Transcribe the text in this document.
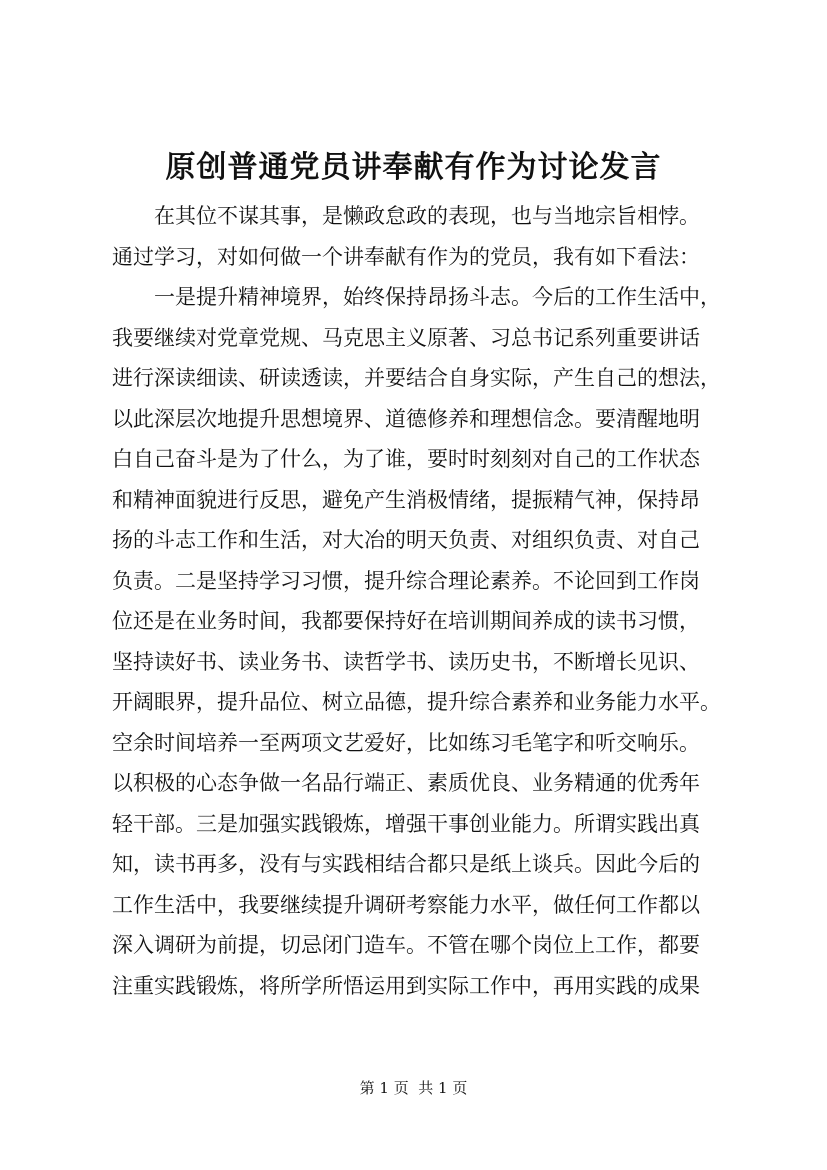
原创普通党员讲奉献有作为讨论发言
在其位不谋其事，是懒政怠政的表现，也与当地宗旨相悖。
通过学习，对如何做一个讲奉献有作为的党员，我有如下看法：
一是提升精神境界，始终保持昂扬斗志。今后的工作生活中，
我要继续对党章党规、马克思主义原著、习总书记系列重要讲话
进行深读细读、研读透读，并要结合自身实际，产生自己的想法，
以此深层次地提升思想境界、道德修养和理想信念。要清醒地明
白自己奋斗是为了什么，为了谁，要时时刻刻对自己的工作状态
和精神面貌进行反思，避免产生消极情绪，提振精气神，保持昂
扬的斗志工作和生活，对大冶的明天负责、对组织负责、对自己
负责。二是坚持学习习惯，提升综合理论素养。不论回到工作岗
位还是在业务时间，我都要保持好在培训期间养成的读书习惯，
坚持读好书、读业务书、读哲学书、读历史书，不断增长见识、
开阔眼界，提升品位、树立品德，提升综合素养和业务能力水平。
空余时间培养一至两项文艺爱好，比如练习毛笔字和听交响乐。
以积极的心态争做一名品行端正、素质优良、业务精通的优秀年
轻干部。三是加强实践锻炼，增强干事创业能力。所谓实践出真
知，读书再多，没有与实践相结合都只是纸上谈兵。因此今后的
工作生活中，我要继续提升调研考察能力水平，做任何工作都以
深入调研为前提，切忌闭门造车。不管在哪个岗位上工作，都要
注重实践锻炼，将所学所悟运用到实际工作中，再用实践的成果
第 1 页  共 1 页
